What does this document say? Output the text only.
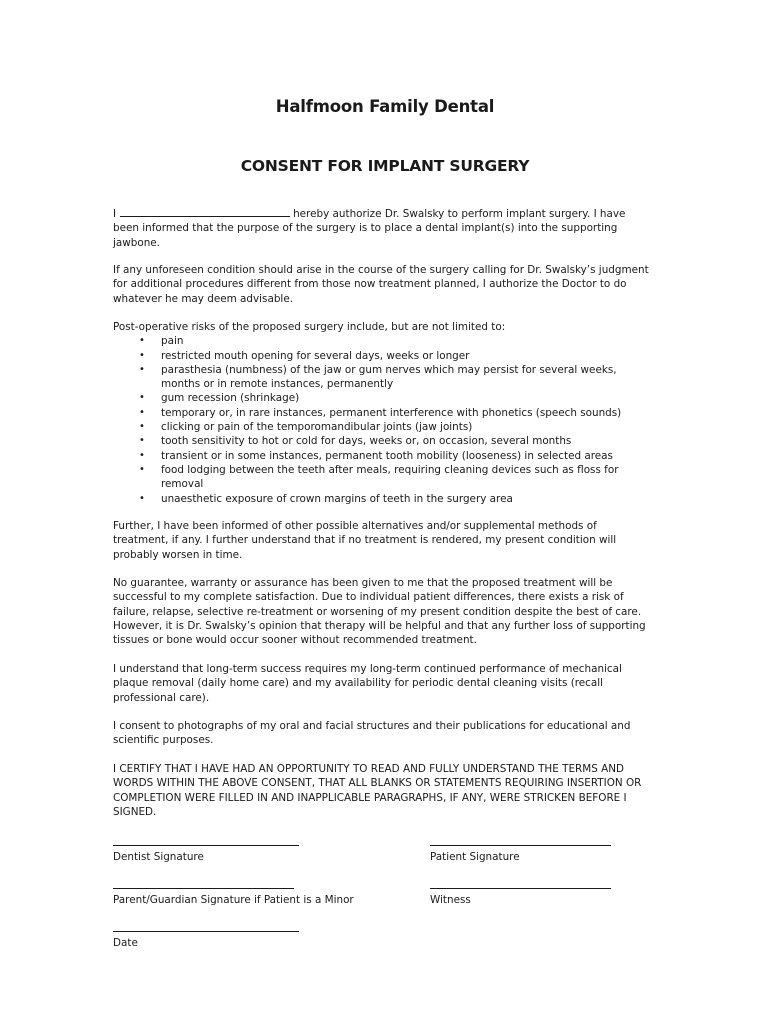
Halfmoon Family Dental
CONSENT FOR IMPLANT SURGERY

I	hereby authorize Dr. Swalsky to perform implant surgery. I have been informed that the purpose of the surgery is to place a dental implant(s) into the supporting jawbone.

If any unforeseen condition should arise in the course of the surgery calling for Dr. Swalsky’s judgment for additional procedures different from those now treatment planned, I authorize the Doctor to do whatever he may deem advisable.

Post-operative risks of the proposed surgery include, but are not limited to:

• pain
• restricted mouth opening for several days, weeks or longer
• parasthesia (numbness) of the jaw or gum nerves which may persist for several weeks, months or in remote instances, permanently
• gum recession (shrinkage)
• temporary or, in rare instances, permanent interference with phonetics (speech sounds)
• clicking or pain of the temporomandibular joints (jaw joints)
• tooth sensitivity to hot or cold for days, weeks or, on occasion, several months
• transient or in some instances, permanent tooth mobility (looseness) in selected areas
• food lodging between the teeth after meals, requiring cleaning devices such as floss for removal
• unaesthetic exposure of crown margins of teeth in the surgery area

Further, I have been informed of other possible alternatives and/or supplemental methods of treatment, if any. I further understand that if no treatment is rendered, my present condition will probably worsen in time.

No guarantee, warranty or assurance has been given to me that the proposed treatment will be successful to my complete satisfaction. Due to individual patient differences, there exists a risk of failure, relapse, selective re-treatment or worsening of my present condition despite the best of care. However, it is Dr. Swalsky’s opinion that therapy will be helpful and that any further loss of supporting tissues or bone would occur sooner without recommended treatment.

I understand that long-term success requires my long-term continued performance of mechanical plaque removal (daily home care) and my availability for periodic dental cleaning visits (recall professional care).

I consent to photographs of my oral and facial structures and their publications for educational and scientific purposes.

I CERTIFY THAT I HAVE HAD AN OPPORTUNITY TO READ AND FULLY UNDERSTAND THE TERMS AND WORDS WITHIN THE ABOVE CONSENT, THAT ALL BLANKS OR STATEMENTS REQUIRING INSERTION OR COMPLETION WERE FILLED IN AND INAPPLICABLE PARAGRAPHS, IF ANY, WERE STRICKEN BEFORE I SIGNED.

Dentist Signature	Patient Signature
Parent/Guardian Signature if Patient is a Minor	Witness
Date
